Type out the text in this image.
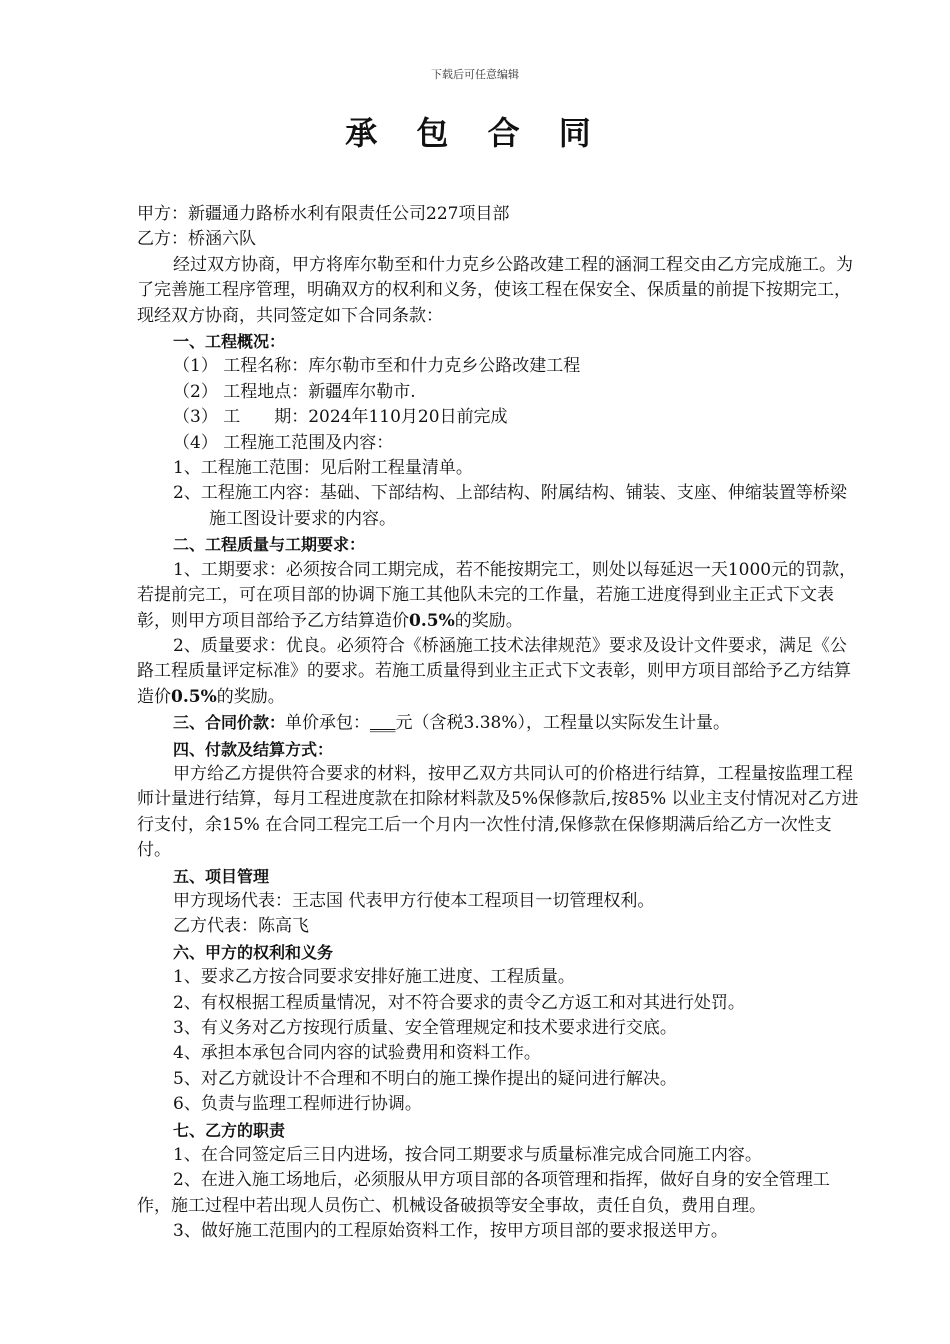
下载后可任意编辑
承 包 合 同

甲方：新疆通力路桥水利有限责任公司227项目部

乙方：桥涵六队

经过双方协商，甲方将库尔勒至和什力克乡公路改建工程的涵洞工程交由乙方完成施工。为了完善施工程序管理，明确双方的权利和义务，使该工程在保安全、保质量的前提下按期完工，现经双方协商，共同签定如下合同条款：

一、工程概况：

（1） 工程名称：库尔勒市至和什力克乡公路改建工程

（2） 工程地点：新疆库尔勒市.

（3） 工　　期：2024年110月20日前完成

（4） 工程施工范围及内容：

1、工程施工范围：见后附工程量清单。

2、工程施工内容：基础、下部结构、上部结构、附属结构、铺装、支座、伸缩装置等桥梁施工图设计要求的内容。

二、工程质量与工期要求：

1、工期要求：必须按合同工期完成，若不能按期完工，则处以每延迟一天1000元的罚款，若提前完工，可在项目部的协调下施工其他队未完的工作量，若施工进度得到业主正式下文表彰，则甲方项目部给予乙方结算造价0.5%的奖励。

2、质量要求：优良。必须符合《桥涵施工技术法律规范》要求及设计文件要求，满足《公路工程质量评定标准》的要求。若施工质量得到业主正式下文表彰，则甲方项目部给予乙方结算造价0.5%的奖励。

三、合同价款：单价承包：___元（含税3.38%），工程量以实际发生计量。

四、付款及结算方式：

甲方给乙方提供符合要求的材料，按甲乙双方共同认可的价格进行结算，工程量按监理工程师计量进行结算，每月工程进度款在扣除材料款及5%保修款后,按85% 以业主支付情况对乙方进行支付，余15% 在合同工程完工后一个月内一次性付清,保修款在保修期满后给乙方一次性支付。

五、项目管理

甲方现场代表：王志国 代表甲方行使本工程项目一切管理权利。

乙方代表：陈高飞

六、甲方的权利和义务

1、要求乙方按合同要求安排好施工进度、工程质量。

2、有权根据工程质量情况，对不符合要求的责令乙方返工和对其进行处罚。

3、有义务对乙方按现行质量、安全管理规定和技术要求进行交底。

4、承担本承包合同内容的试验费用和资料工作。

5、对乙方就设计不合理和不明白的施工操作提出的疑问进行解决。

6、负责与监理工程师进行协调。

七、乙方的职责

1、在合同签定后三日内进场，按合同工期要求与质量标准完成合同施工内容。

2、在进入施工场地后，必须服从甲方项目部的各项管理和指挥，做好自身的安全管理工作，施工过程中若出现人员伤亡、机械设备破损等安全事故，责任自负，费用自理。

3、做好施工范围内的工程原始资料工作，按甲方项目部的要求报送甲方。
